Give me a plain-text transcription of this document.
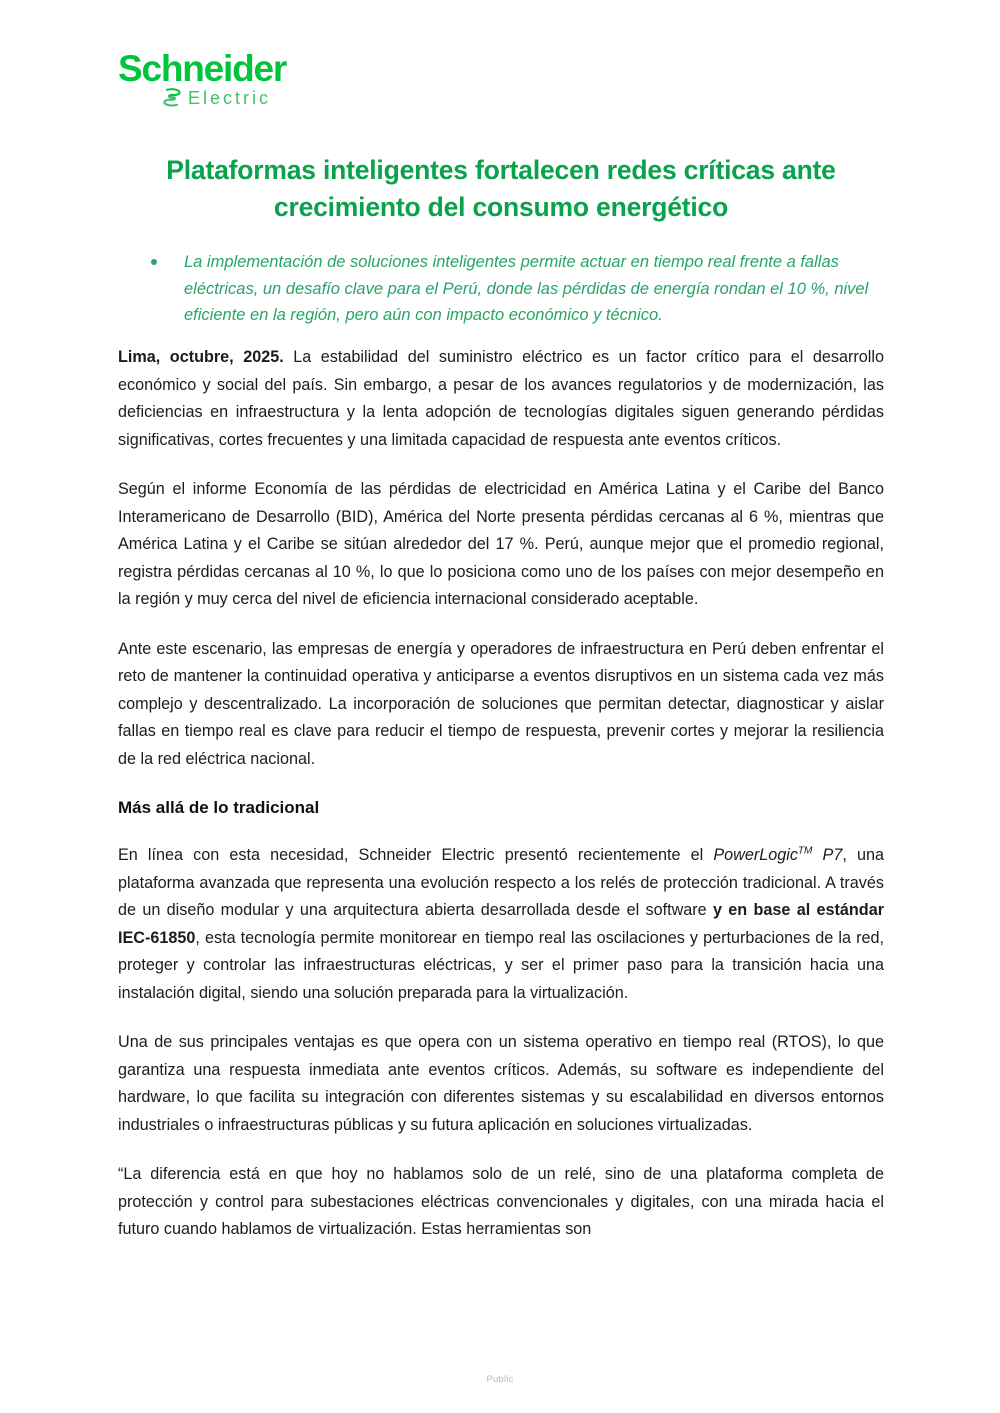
Schneider
Electric
Plataformas inteligentes fortalecen redes críticas ante crecimiento del consumo energético
La implementación de soluciones inteligentes permite actuar en tiempo real frente a fallas eléctricas, un desafío clave para el Perú, donde las pérdidas de energía rondan el 10 %, nivel eficiente en la región, pero aún con impacto económico y técnico.

Lima, octubre, 2025. La estabilidad del suministro eléctrico es un factor crítico para el desarrollo económico y social del país. Sin embargo, a pesar de los avances regulatorios y de modernización, las deficiencias en infraestructura y la lenta adopción de tecnologías digitales siguen generando pérdidas significativas, cortes frecuentes y una limitada capacidad de respuesta ante eventos críticos.

Según el informe Economía de las pérdidas de electricidad en América Latina y el Caribe del Banco Interamericano de Desarrollo (BID), América del Norte presenta pérdidas cercanas al 6 %, mientras que América Latina y el Caribe se sitúan alrededor del 17 %. Perú, aunque mejor que el promedio regional, registra pérdidas cercanas al 10 %, lo que lo posiciona como uno de los países con mejor desempeño en la región y muy cerca del nivel de eficiencia internacional considerado aceptable.

Ante este escenario, las empresas de energía y operadores de infraestructura en Perú deben enfrentar el reto de mantener la continuidad operativa y anticiparse a eventos disruptivos en un sistema cada vez más complejo y descentralizado. La incorporación de soluciones que permitan detectar, diagnosticar y aislar fallas en tiempo real es clave para reducir el tiempo de respuesta, prevenir cortes y mejorar la resiliencia de la red eléctrica nacional.

Más allá de lo tradicional

En línea con esta necesidad, Schneider Electric presentó recientemente el PowerLogic™ P7, una plataforma avanzada que representa una evolución respecto a los relés de protección tradicional. A través de un diseño modular y una arquitectura abierta desarrollada desde el software y en base al estándar IEC-61850, esta tecnología permite monitorear en tiempo real las oscilaciones y perturbaciones de la red, proteger y controlar las infraestructuras eléctricas, y ser el primer paso para la transición hacia una instalación digital, siendo una solución preparada para la virtualización.

Una de sus principales ventajas es que opera con un sistema operativo en tiempo real (RTOS), lo que garantiza una respuesta inmediata ante eventos críticos. Además, su software es independiente del hardware, lo que facilita su integración con diferentes sistemas y su escalabilidad en diversos entornos industriales o infraestructuras públicas y su futura aplicación en soluciones virtualizadas.

“La diferencia está en que hoy no hablamos solo de un relé, sino de una plataforma completa de protección y control para subestaciones eléctricas convencionales y digitales, con una mirada hacia el futuro cuando hablamos de virtualización. Estas herramientas son

Public
